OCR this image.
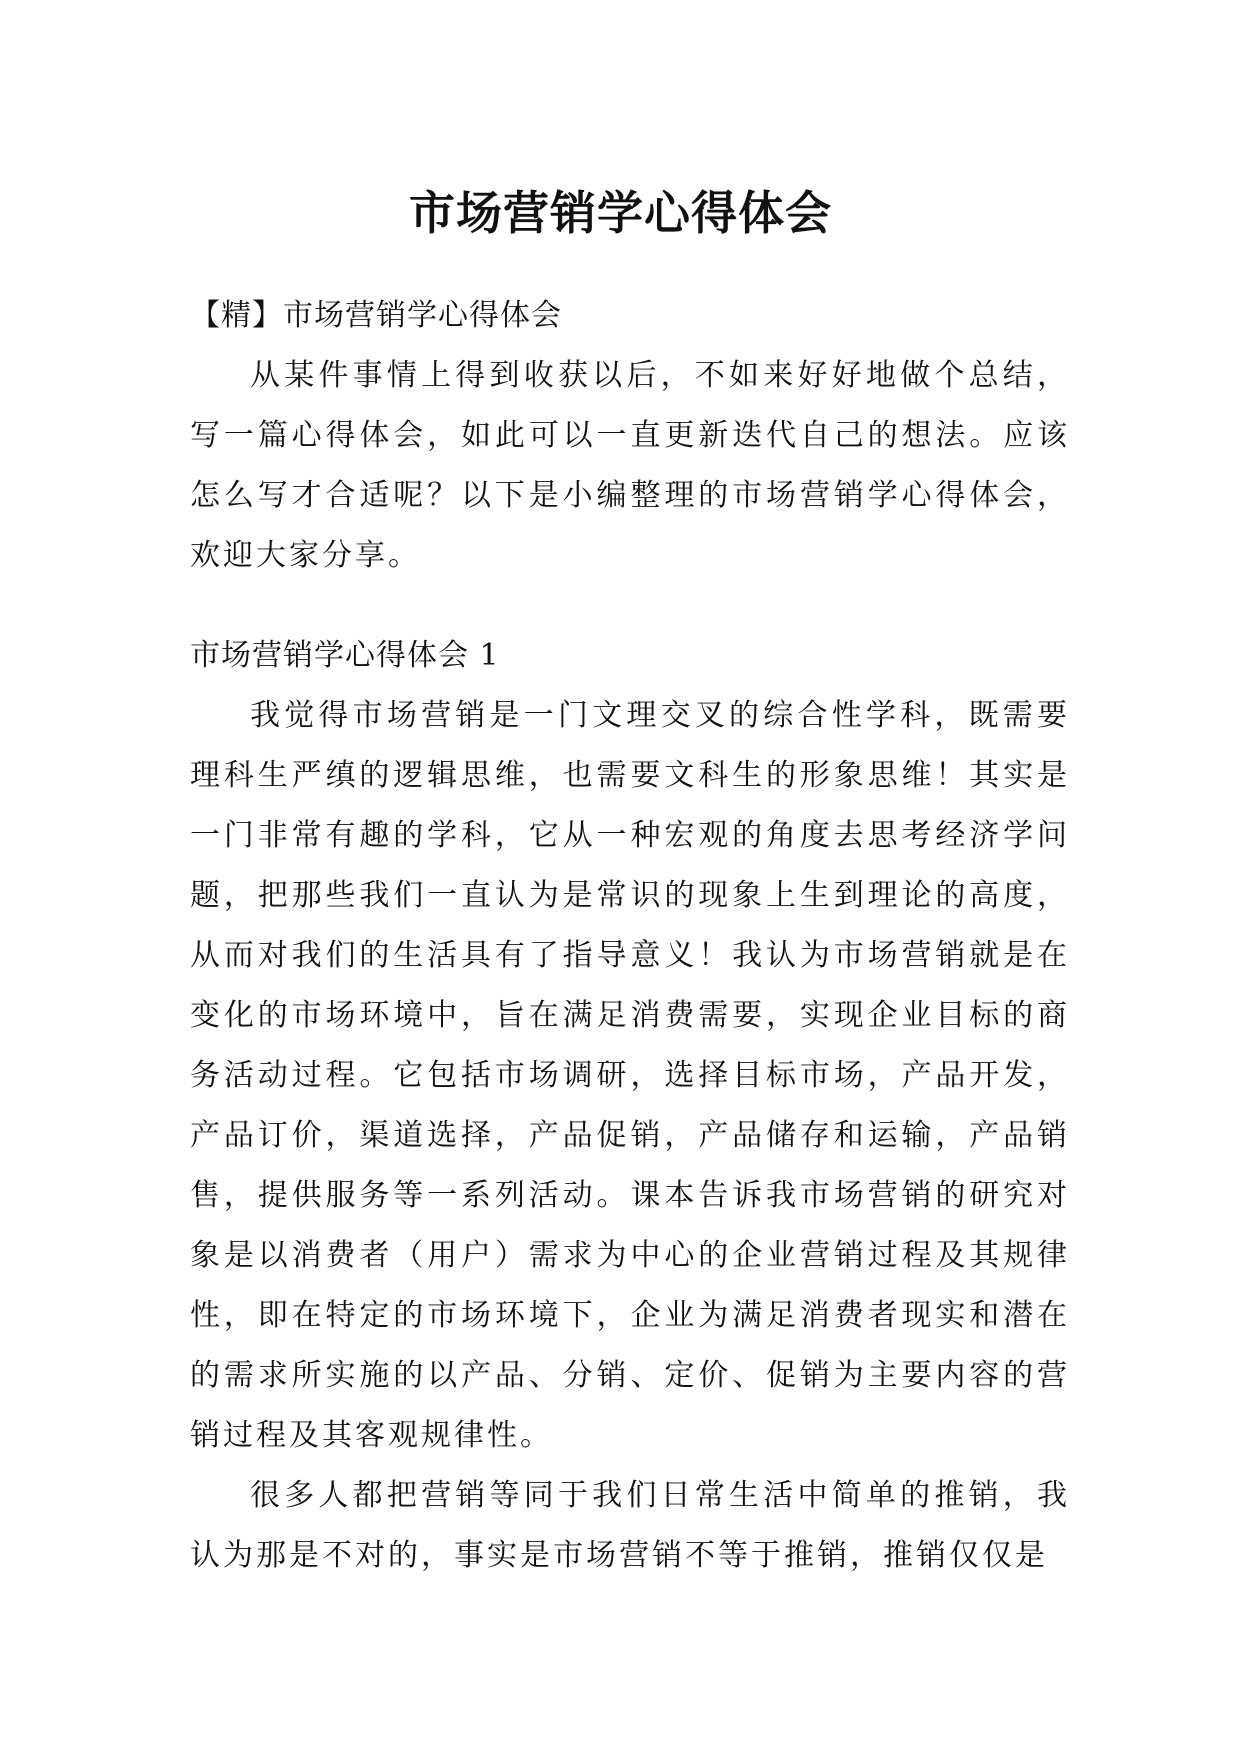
市场营销学心得体会

【精】市场营销学心得体会

从某件事情上得到收获以后，不如来好好地做个总结，写一篇心得体会，如此可以一直更新迭代自己的想法。应该怎么写才合适呢？以下是小编整理的市场营销学心得体会，欢迎大家分享。

市场营销学心得体会 1

我觉得市场营销是一门文理交叉的综合性学科，既需要理科生严缜的逻辑思维，也需要文科生的形象思维！其实是一门非常有趣的学科，它从一种宏观的角度去思考经济学问题，把那些我们一直认为是常识的现象上生到理论的高度，从而对我们的生活具有了指导意义！我认为市场营销就是在变化的市场环境中，旨在满足消费需要，实现企业目标的商务活动过程。它包括市场调研，选择目标市场，产品开发，产品订价，渠道选择，产品促销，产品储存和运输，产品销售，提供服务等一系列活动。课本告诉我市场营销的研究对象是以消费者（用户）需求为中心的企业营销过程及其规律性，即在特定的市场环境下，企业为满足消费者现实和潜在的需求所实施的以产品、分销、定价、促销为主要内容的营销过程及其客观规律性。

很多人都把营销等同于我们日常生活中简单的推销，我认为那是不对的，事实是市场营销不等于推销，推销仅仅是
